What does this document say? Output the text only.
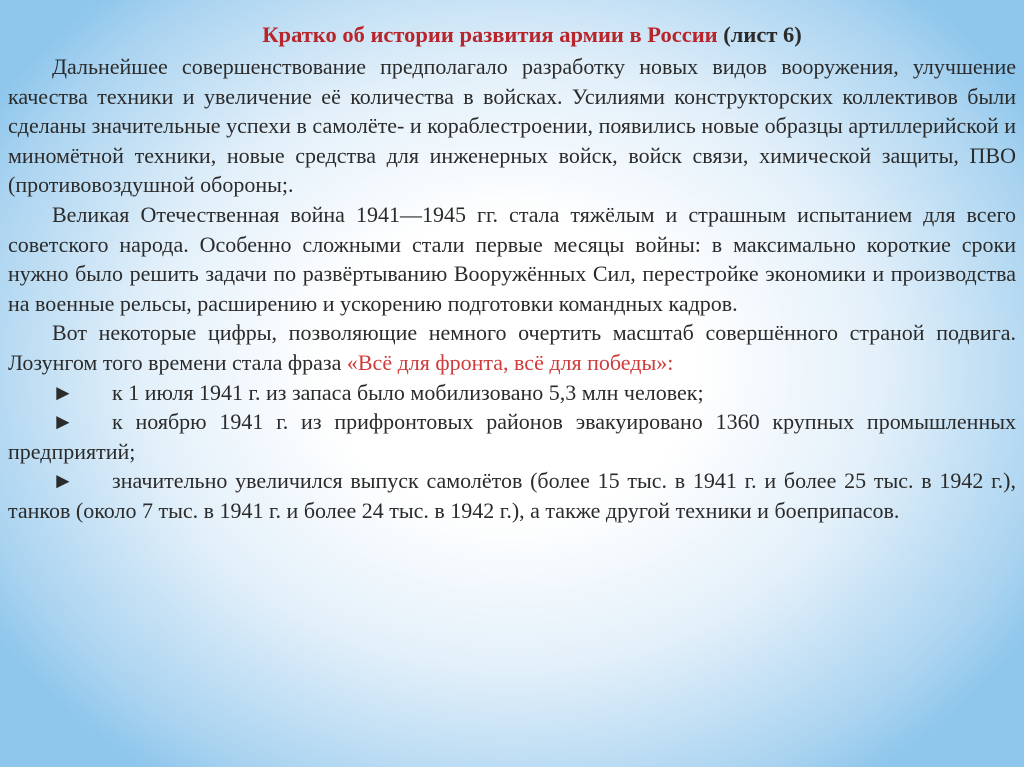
Кратко об истории развития армии в России (лист 6)

Дальнейшее совершенствование предполагало разработку новых видов вооружения, улучшение качества техники и увеличение её количества в войсках. Усилиями конструкторских коллективов были сделаны значительные успехи в самолёте- и кораблестроении, появились новые образцы артиллерийской и миномётной техники, новые средства для инженерных войск, войск связи, химической защиты, ПВО (противовоздушной обороны;.

Великая Отечественная война 1941—1945 гг. стала тяжёлым и страшным испытанием для всего советского народа. Особенно сложными стали первые месяцы войны: в максимально короткие сроки нужно было решить задачи по развёртыванию Вооружённых Сил, перестройке экономики и производства на военные рельсы, расширению и ускорению подготовки командных кадров.

Вот некоторые цифры, позволяющие немного очертить масштаб совершённого страной подвига. Лозунгом того времени стала фраза «Всё для фронта, всё для победы»:

► к 1 июля 1941 г. из запаса было мобилизовано 5,3 млн человек;

► к ноябрю 1941 г. из прифронтовых районов эвакуировано 1360 крупных промышленных предприятий;

► значительно увеличился выпуск самолётов (более 15 тыс. в 1941 г. и более 25 тыс. в 1942 г.), танков (около 7 тыс. в 1941 г. и более 24 тыс. в 1942 г.), а также другой техники и боеприпасов.
